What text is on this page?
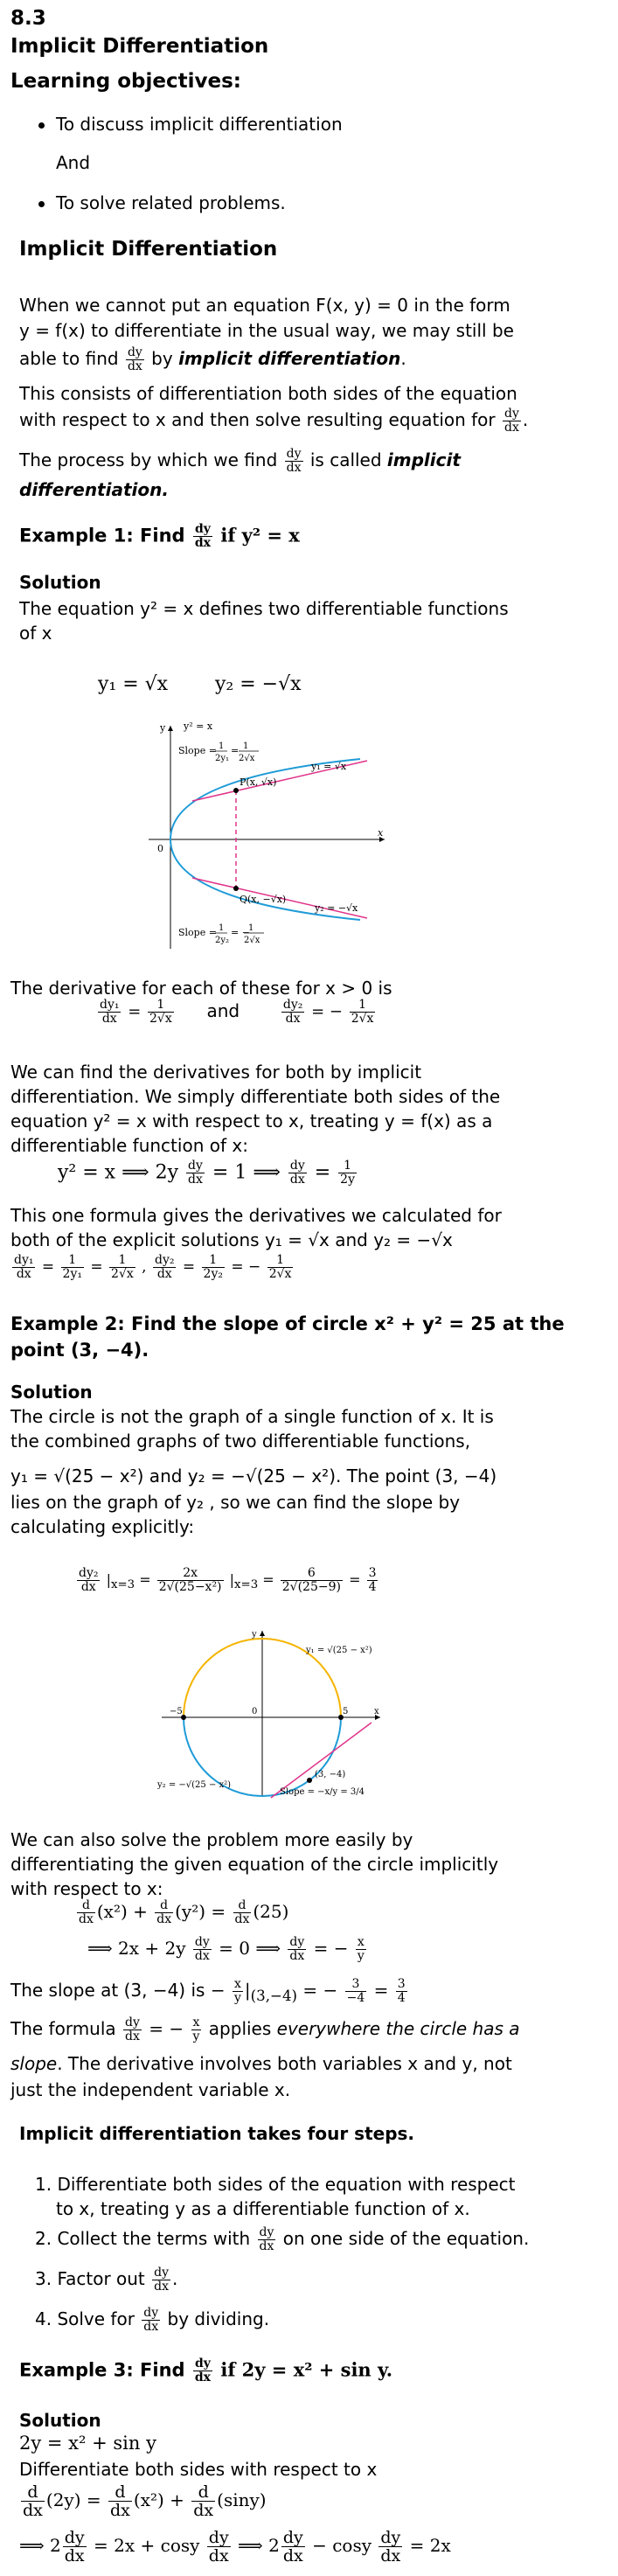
8.3
Implicit Differentiation
Learning objectives:
To discuss implicit differentiation
And
To solve related problems.
Implicit Differentiation
When we cannot put an equation F(x, y) = 0 in the form
y = f(x) to differentiate in the usual way, we may still be
able to find $\frac{dy}{dx}$ by implicit differentiation.
This consists of differentiation both sides of the equation
with respect to x and then solve resulting equation for $\frac{dy}{dx}$ .
The process by which we find $\frac{dy}{dx}$ is called implicit
differentiation.
Example 1: Find $\frac{dy}{dx}$ if y² = x
Solution
The equation y² = x defines two differentiable functions
of x
y₁ = √x y₂ = −√x
y² = x
Slope = 1
2y₁
= 1
2√x
y₁ = √x
P(x, √x)
Q(x, −√x)
y₂ = −√x
Slope = 1
2y₂
= −
1
2√x
x
y
0
The derivative for each of these for x > 0 is
$\frac{\text{dy₁}}{dx} = \frac{1}{2√x}$ and	$\frac{\text{dy₂}}{dx}$ = − $\frac{1}{2√x}$
We can find the derivatives for both by implicit
differentiation. We simply differentiate both sides of the
equation y² = x with respect to x, treating y = f(x) as a
differentiable function of x:
y² = x ⟹ $2y \frac{dy}{dx} = 1$ ⟹ $\frac{dy}{dx} = \frac{1}{2y}$
This one formula gives the derivatives we calculated for
both of the explicit solutions y₁ = √x and y₂ = −√x
$\frac{\text{dy₁}}{dx} = \frac{1}{\text{2y₁}} = \frac{1}{2√x}$ , $\frac{\text{dy₂}}{dx} = \frac{1}{\text{2y₂}}$ = − $\frac{1}{2√x}$
Example 2: Find the slope of circle x² + y² = 25 at the
point (3, −4).
Solution
The circle is not the graph of a single function of x. It is
the combined graphs of two differentiable functions,
y₁ = √(25 − x²) and y₂ = −√(25 − x²). The point (3, −4)
lies on the graph of y₂ , so we can find the slope by
calculating explicitly:
$\frac{\text{dy₂}}{dx} |_{x=3} = \frac{2x}{\text{2√(25−x²)}} |_{x=3} = \frac{6}{2√(25-9)} = \frac{3}{4}$
y₁ = √(25 − x²)
y₂ = −√(25 − x²)
(3, −4)
Slope = −x/y = 3/4
−5	5
0	x
y
We can also solve the problem more easily by
differentiating the given equation of the circle implicitly
with respect to x:
$\frac{d}{dx} (x^2) + \frac{d}{dx} (y^2) = \frac{d}{dx} (25)$
⟹ $2x + 2y \frac{dy}{dx} = 0$ ⟹ $\frac{dy}{dx}$ = − $\frac{x}{y}$
The slope at (3, −4) is − $\frac{x}{y} |_{(3,-4)}$ = − $\frac{3}{-4} = \frac{3}{4}$
The formula $\frac{dy}{dx}$ = − $\frac{x}{y}$ applies everywhere the circle has a
slope. The derivative involves both variables x and y, not
just the independent variable x.
Implicit differentiation takes four steps.
1. Differentiate both sides of the equation with respect
to x, treating y as a differentiable function of x.
2. Collect the terms with $\frac{dy}{dx}$ on one side of the equation.
3. Factor out $\frac{dy}{dx}$ .
4. Solve for $\frac{dy}{dx}$ by dividing.
Example 3: Find $\frac{dy}{dx}$ if 2y = x² + sin y.
Solution
2y = x² + sin y
Differentiate both sides with respect to x
$\frac{d}{dx} (2y) = \frac{d}{dx} (x^2) + \frac{d}{dx} (\sin y)$
⟹ $2 \frac{dy}{dx} = 2x + \cos y \frac{dy}{dx}$ ⟹ $2 \frac{dy}{dx} - \cos y \frac{dy}{dx} = 2x$
